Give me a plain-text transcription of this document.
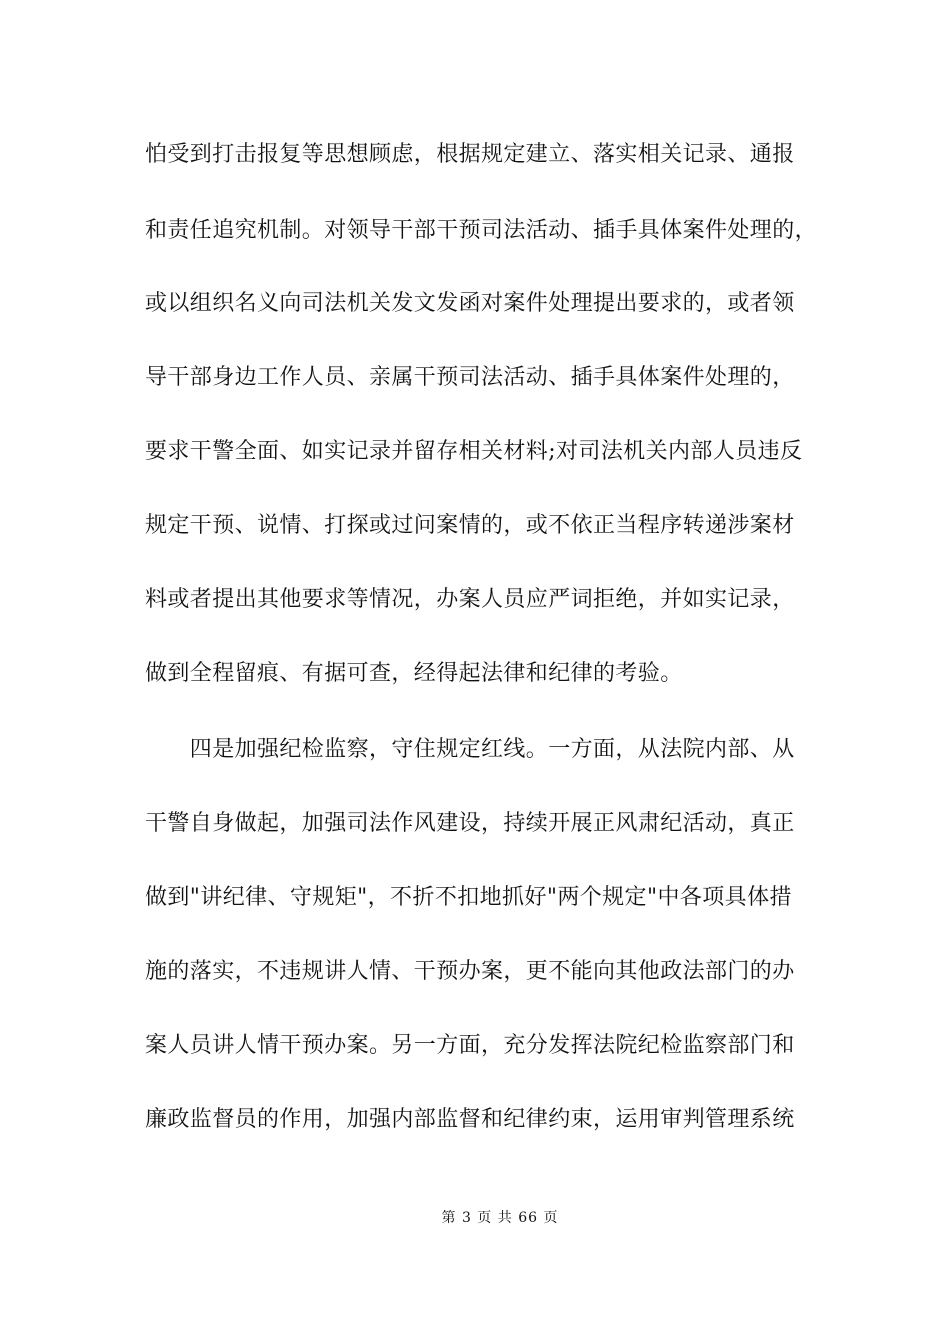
怕受到打击报复等思想顾虑，根据规定建立、落实相关记录、通报
和责任追究机制。对领导干部干预司法活动、插手具体案件处理的，
或以组织名义向司法机关发文发函对案件处理提出要求的，或者领
导干部身边工作人员、亲属干预司法活动、插手具体案件处理的，
要求干警全面、如实记录并留存相关材料;对司法机关内部人员违反
规定干预、说情、打探或过问案情的，或不依正当程序转递涉案材
料或者提出其他要求等情况，办案人员应严词拒绝，并如实记录，
做到全程留痕、有据可查，经得起法律和纪律的考验。
　　四是加强纪检监察，守住规定红线。一方面，从法院内部、从
干警自身做起，加强司法作风建设，持续开展正风肃纪活动，真正
做到"讲纪律、守规矩"，不折不扣地抓好"两个规定"中各项具体措
施的落实，不违规讲人情、干预办案，更不能向其他政法部门的办
案人员讲人情干预办案。另一方面，充分发挥法院纪检监察部门和
廉政监督员的作用，加强内部监督和纪律约束，运用审判管理系统
第 3 页 共 66 页
